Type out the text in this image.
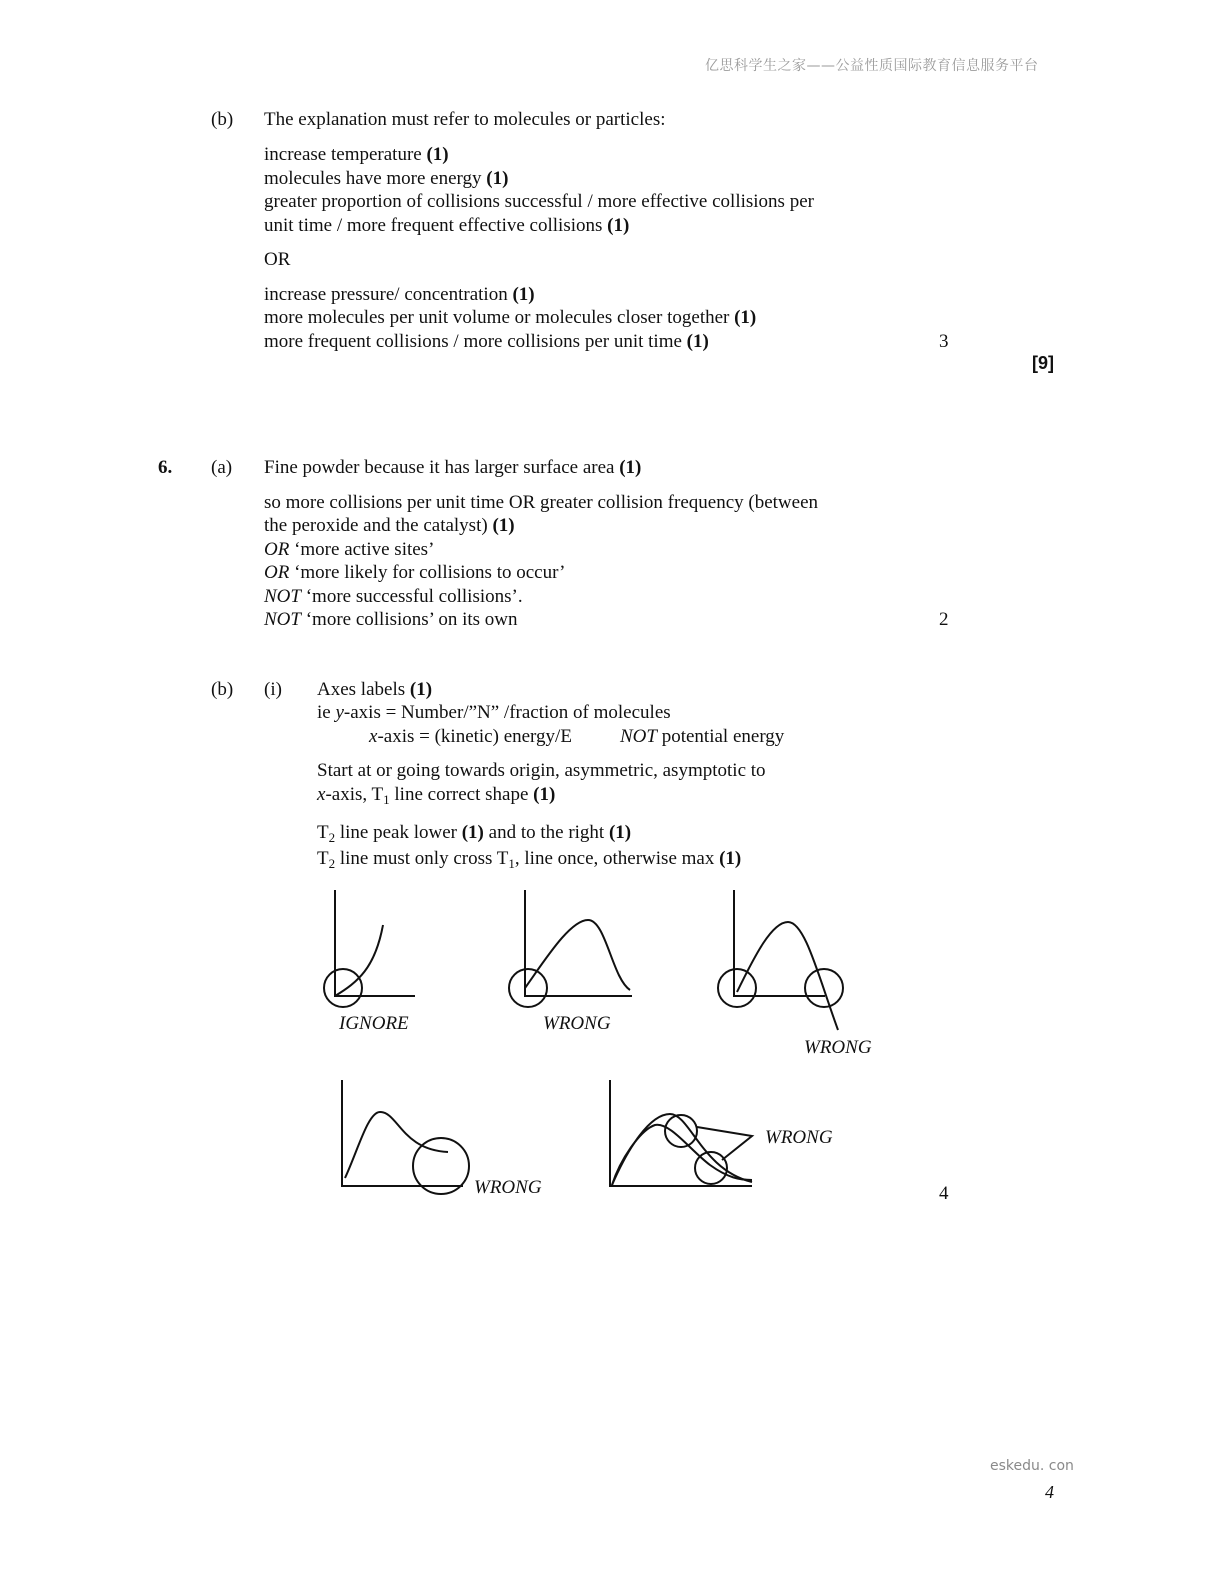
亿思科学生之家——公益性质国际教育信息服务平台
(b) The explanation must refer to molecules or particles:
increase temperature (1)
molecules have more energy (1)
greater proportion of collisions successful / more effective collisions per
unit time / more frequent effective collisions (1)
OR
increase pressure/ concentration (1)
more molecules per unit volume or molecules closer together (1)
more frequent collisions / more collisions per unit time (1)	3
[9]
6. (a) Fine powder because it has larger surface area (1)
so more collisions per unit time OR greater collision frequency (between
the peroxide and the catalyst) (1)
OR ‘more active sites’
OR ‘more likely for collisions to occur’
NOT ‘more successful collisions’.
NOT ‘more collisions’ on its own	2
(b) (i) Axes labels (1)
ie y-axis = Number/”N” /fraction of molecules
x-axis = (kinetic) energy/E	NOT potential energy
Start at or going towards origin, asymmetric, asymptotic to
x-axis, $T_1$ line correct shape (1)
$T_2$ line peak lower (1) and to the right (1)
$T_2$ line must only cross $T_1$, line once, otherwise max (1)
IGNORE	WRONG
WRONG
WRONG
WRONG
4
eskedu. con
4
